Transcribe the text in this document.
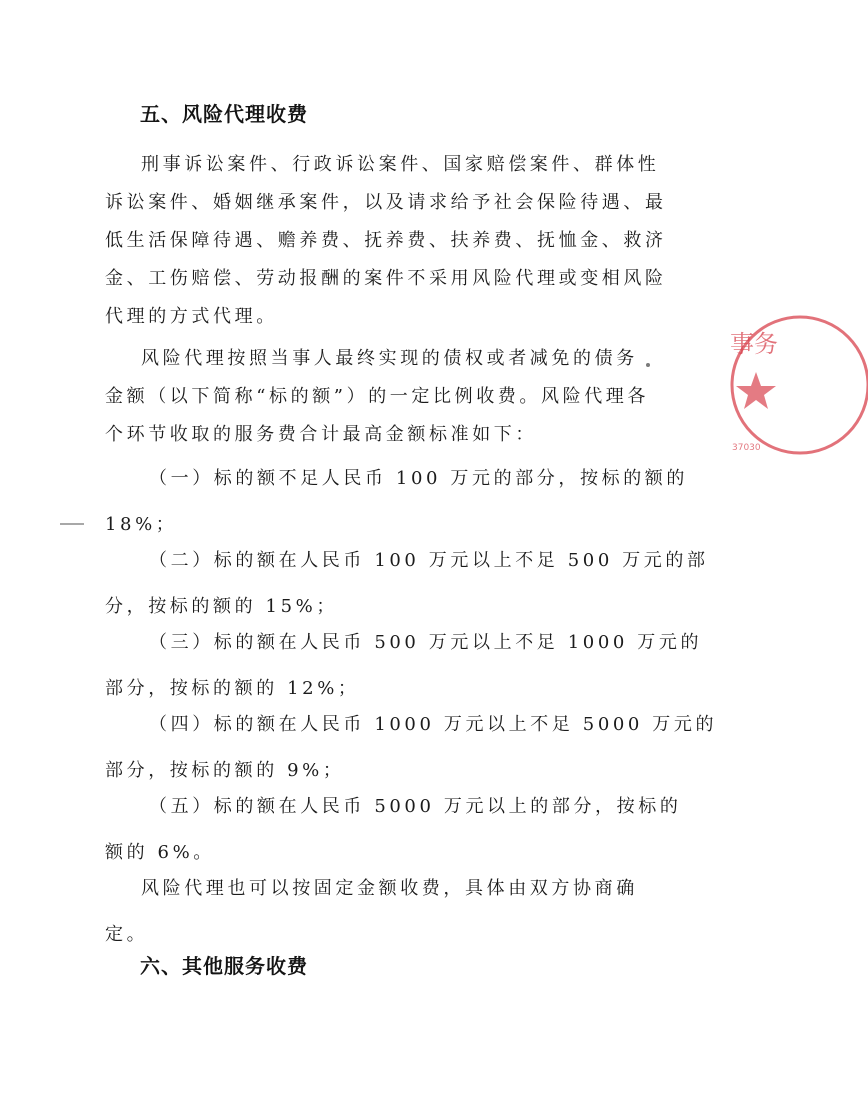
五、风险代理收费
刑事诉讼案件、行政诉讼案件、国家赔偿案件、群体性
诉讼案件、婚姻继承案件，以及请求给予社会保险待遇、最
低生活保障待遇、赡养费、抚养费、扶养费、抚恤金、救济
金、工伤赔偿、劳动报酬的案件不采用风险代理或变相风险
代理的方式代理。
风险代理按照当事人最终实现的债权或者减免的债务
金额（以下简称“标的额”）的一定比例收费。风险代理各
个环节收取的服务费合计最高金额标准如下：
（一）标的额不足人民币 100 万元的部分，按标的额的
18%；
（二）标的额在人民币 100 万元以上不足 500 万元的部
分，按标的额的 15%；
（三）标的额在人民币 500 万元以上不足 1000 万元的
部分，按标的额的 12%；
（四）标的额在人民币 1000 万元以上不足 5000 万元的
部分，按标的额的 9%；
（五）标的额在人民币 5000 万元以上的部分，按标的
额的 6%。
风险代理也可以按固定金额收费，具体由双方协商确
定。
六、其他服务收费
事务
37030
